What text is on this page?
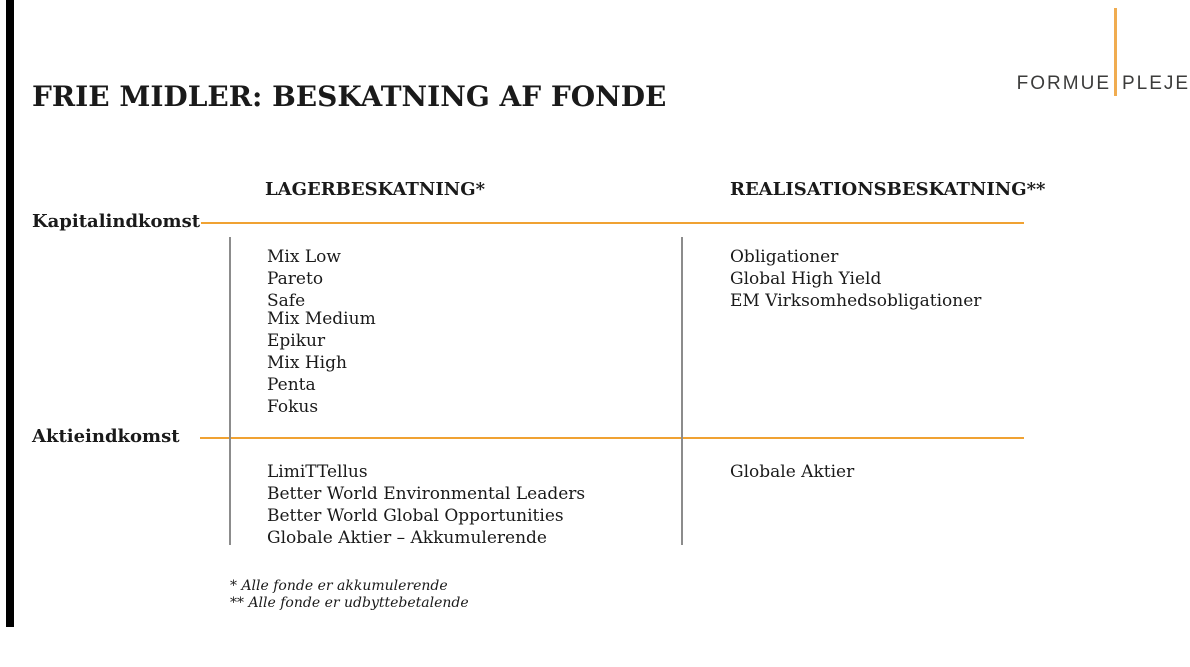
FORMUE PLEJE
FRIE MIDLER: BESKATNING AF FONDE
LAGERBESKATNING*	REALISATIONSBESKATNING**
Kapitalindkomst
Aktieindkomst
Mix Low
Pareto
Safe
Mix Medium
Epikur
Mix High
Penta
Fokus
Obligationer
Global High Yield
EM Virksomhedsobligationer
LimiTTellus
Better World Environmental Leaders
Better World Global Opportunities
Globale Aktier – Akkumulerende
Globale Aktier
* Alle fonde er akkumulerende
** Alle fonde er udbyttebetalende
